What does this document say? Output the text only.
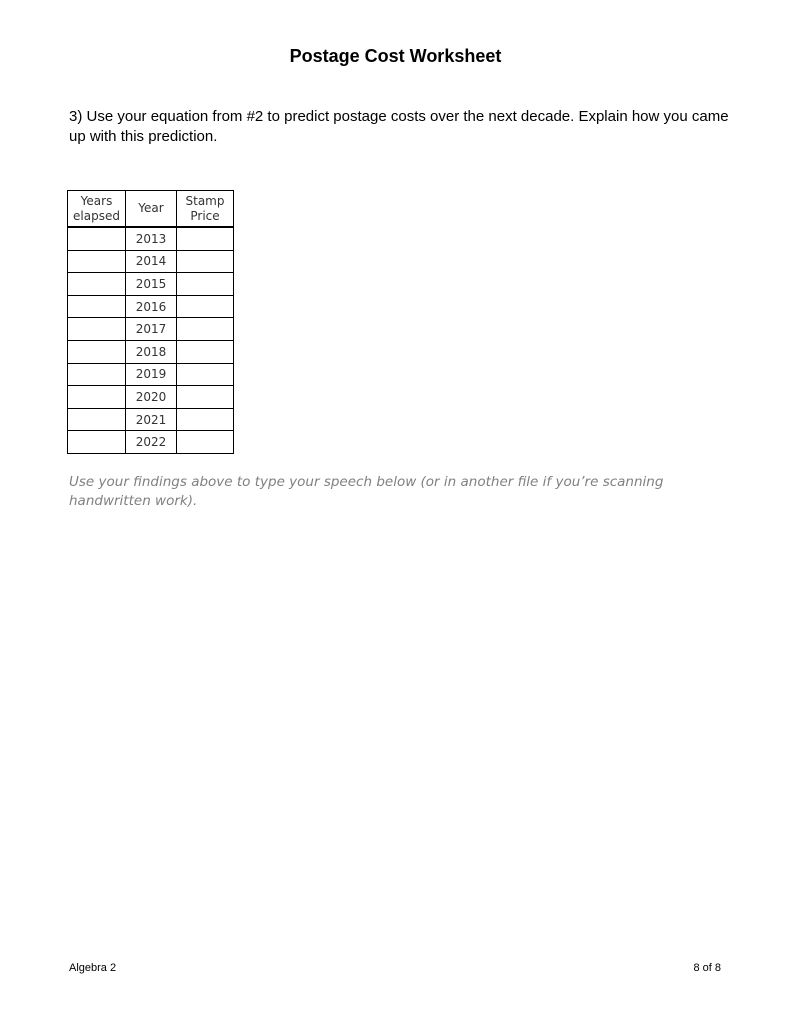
Postage Cost Worksheet
3) Use your equation from #2 to predict postage costs over the next decade. Explain how you came up with this prediction.
Years elapsed	Year	Stamp Price
	2013	
	2014	
	2015	
	2016	
	2017	
	2018	
	2019	
	2020	
	2021	
	2022	
Use your findings above to type your speech below (or in another file if you’re scanning handwritten work).
Algebra 2	8 of 8
